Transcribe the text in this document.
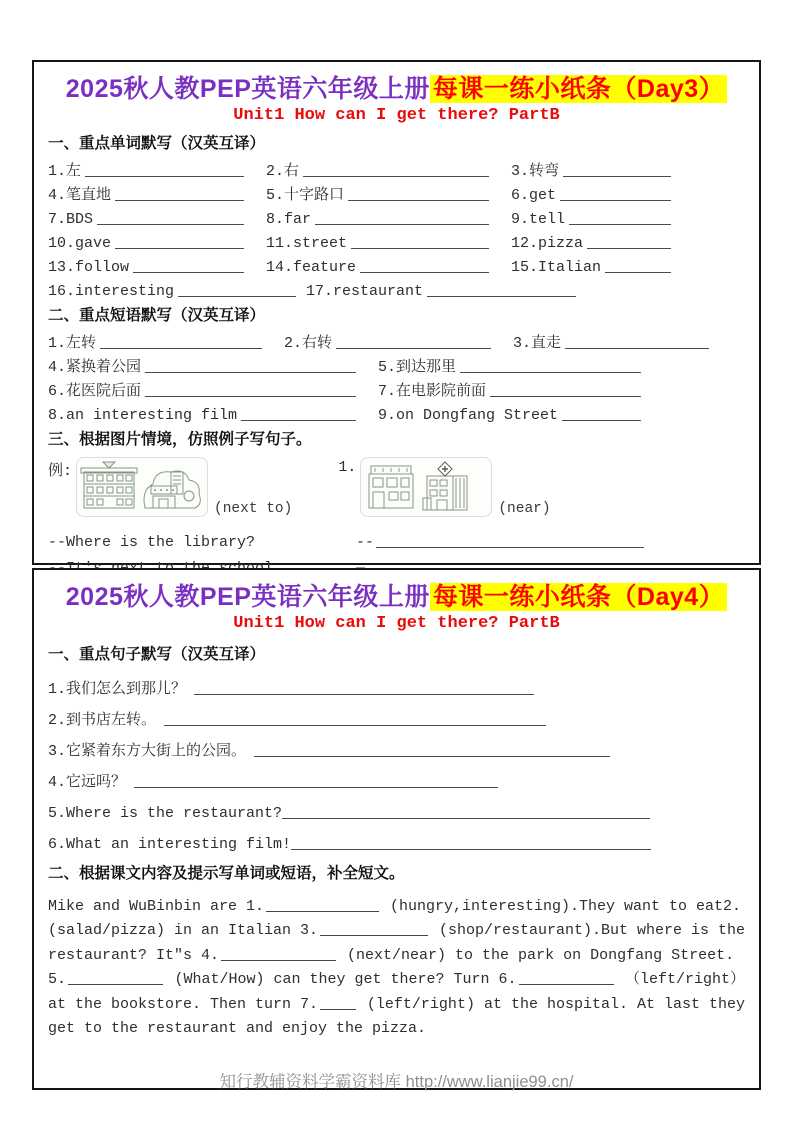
2025秋人教PEP英语六年级上册 每课一练小纸条（Day3）
Unit1 How can I get there? PartB
一、重点单词默写（汉英互译）
1.左	2.右	3.转弯
4.笔直地	5.十字路口	6.get
7.BDS	8.far	9.tell
10.gave	11.street	12.pizza
13.follow	14.feature	15.Italian
16.interesting	17.restaurant
二、重点短语默写（汉英互译）
1.左转	2.右转	3.直走
4.紧换着公园	5.到达那里
6.花医院后面	7.在电影院前面
8.an interesting film	9.on Dongfang Street
三、根据图片情境，仿照例子写句子。
例:
(next to)
1.
(near)
--Where is the library?	--
2025秋人教PEP英语六年级上册 每课一练小纸条（Day4）
Unit1 How can I get there? PartB
一、重点句子默写（汉英互译）
1.我们怎么到那儿？
2.到书店左转。
3.它紧着东方大街上的公园。
4.它远吗？
5.Where is the restaurant?
6.What an interesting film!
二、根据课文内容及提示写单词或短语，补全短文。
Mike and WuBinbin are 1.	(hungry,interesting).They want to eat2.
(salad/pizza) in an Italian 3.	(shop/restaurant).But where is the
restaurant? It"s 4.	(next/near) to the park on Dongfang Street.
5.	(What/How) can they get there? Turn 6.	（left/right）
at the bookstore. Then turn 7.	(left/right) at the hospital. At last they
get to the restaurant and enjoy the pizza.
知行教辅资料学霸资料库 http://www.lianjie99.cn/
